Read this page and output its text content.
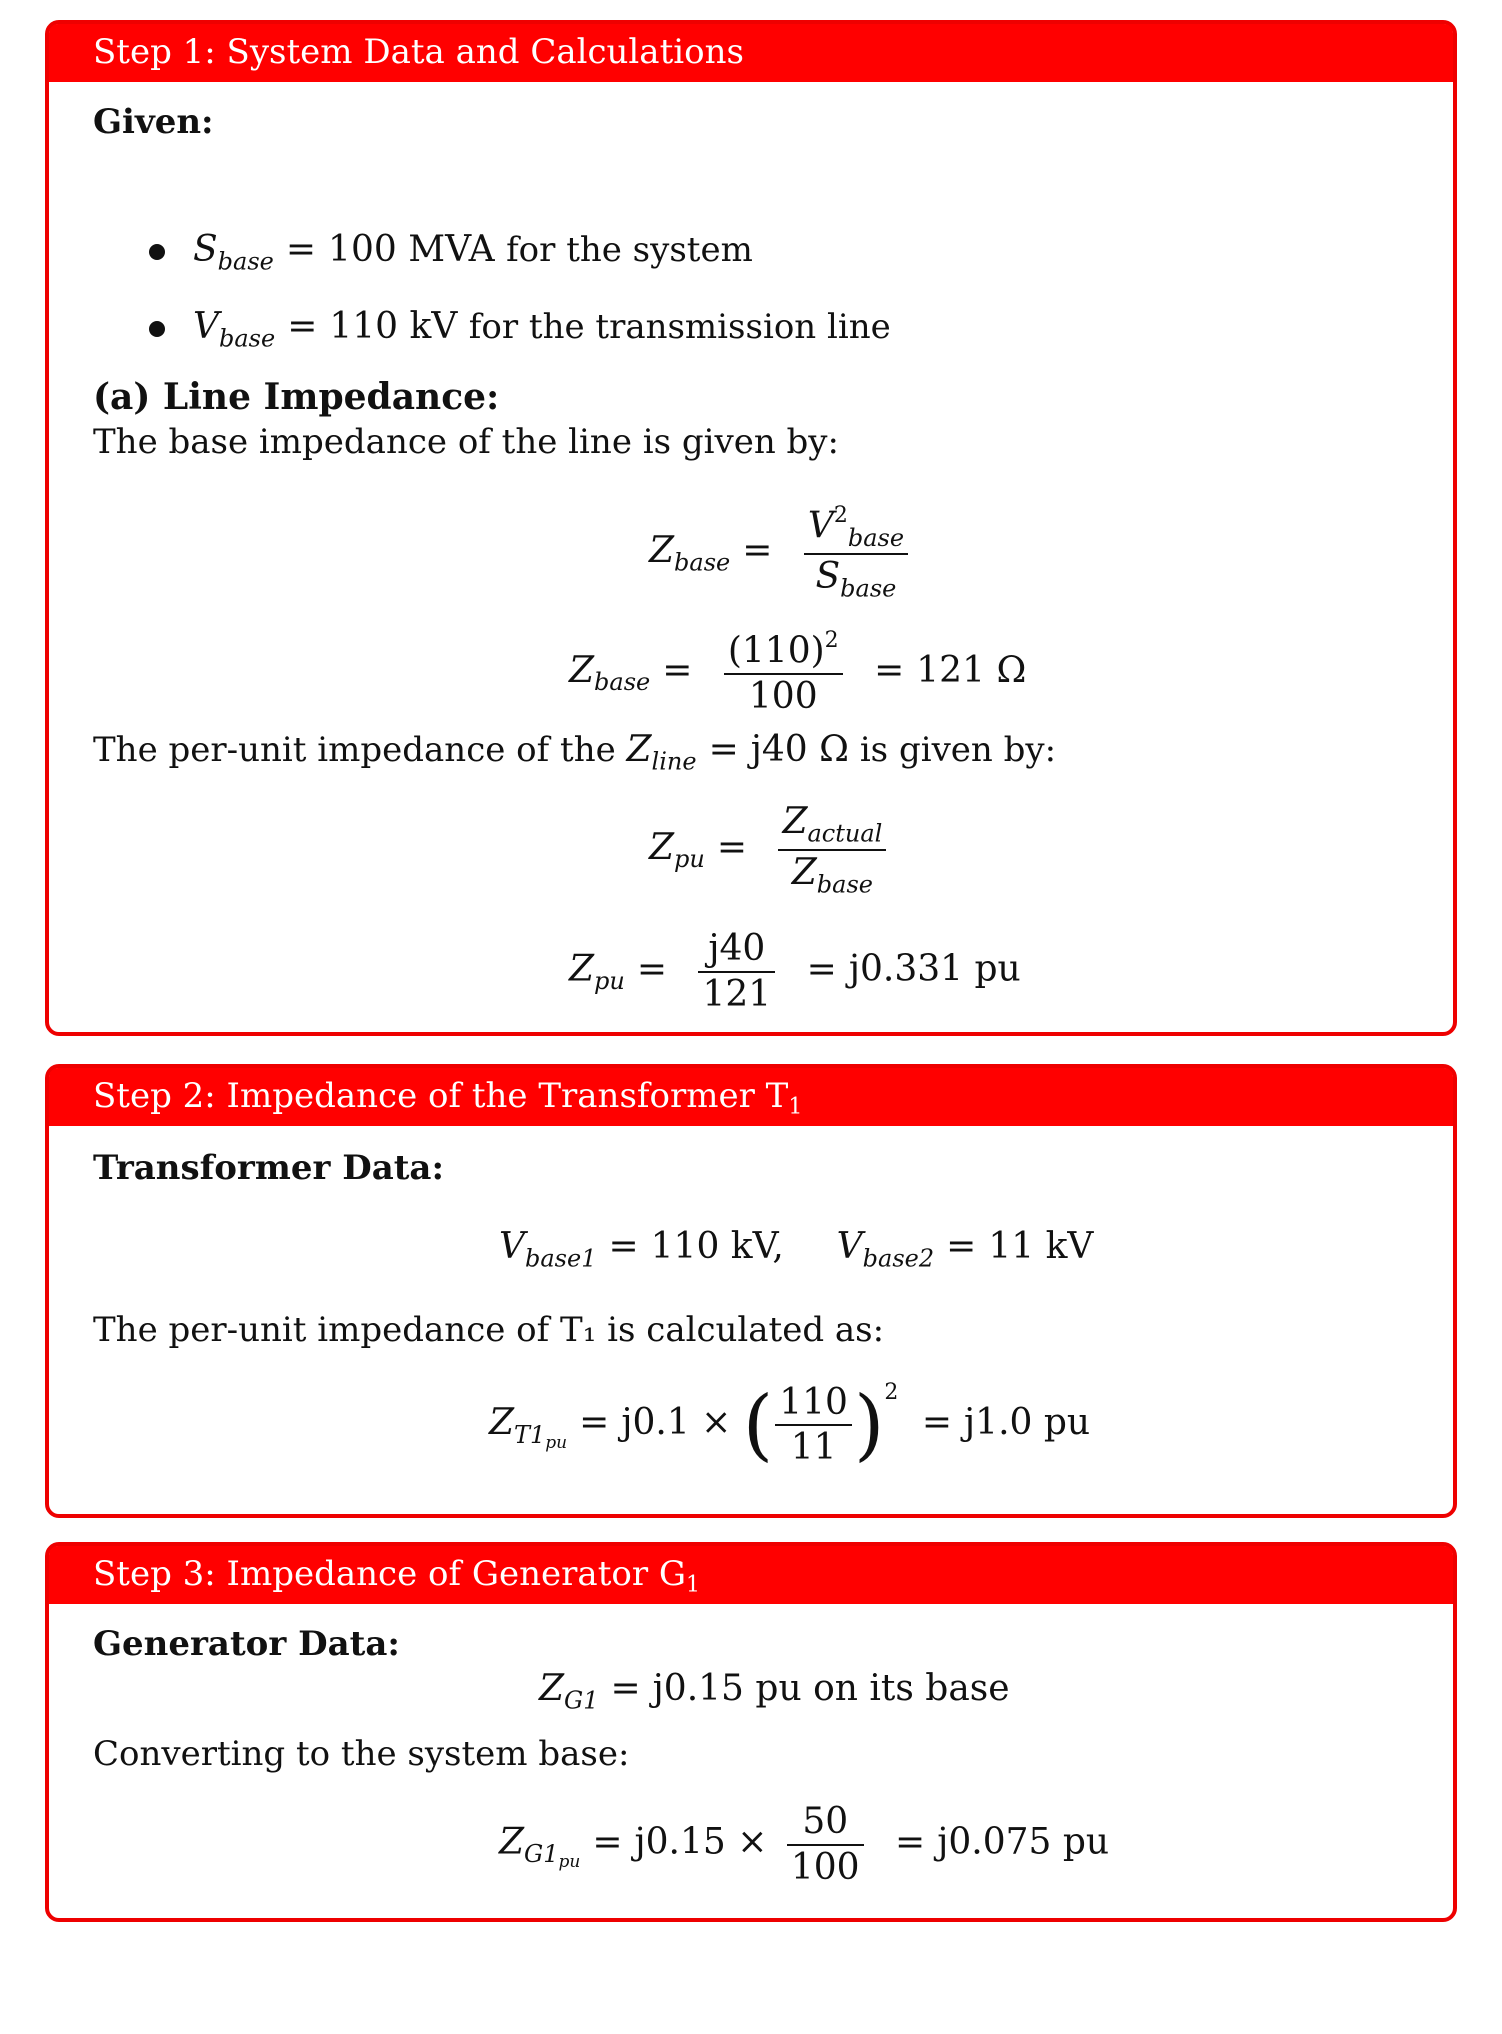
Step 1: System Data and Calculations
Given:
$S_{base} = 100$ MVA for the system
$V_{base} = 110$ kV for the transmission line
(a) Line Impedance:
The base impedance of the line is given by:
$Z_{base} = \frac{V^2_{base}}{S_{base}}$
$Z_{base} = \frac{(110)^2}{100} = 121$ Ω
The per-unit impedance of the $Z_{line} = j40$ Ω is given by:
$Z_{pu} = \frac{Z_{actual}}{Z_{base}}$
$Z_{pu} = \frac{j40}{121} = j0.331$ pu
Step 2: Impedance of the Transformer T1
Transformer Data:
$V_{base1} = 110$ kV, $V_{base2} = 11$ kV
The per-unit impedance of T₁ is calculated as:
$Z_{T1_{pu}} = j0.1$ × ( $\frac{110}{11} )^2 = j1.0$ pu
Step 3: Impedance of Generator G1
Generator Data:
$Z_{G1} = j0.15$ pu on its base
Converting to the system base:
$Z_{G1_{pu}} = j0.15 \times \frac{50}{100} = j0.075$ pu
